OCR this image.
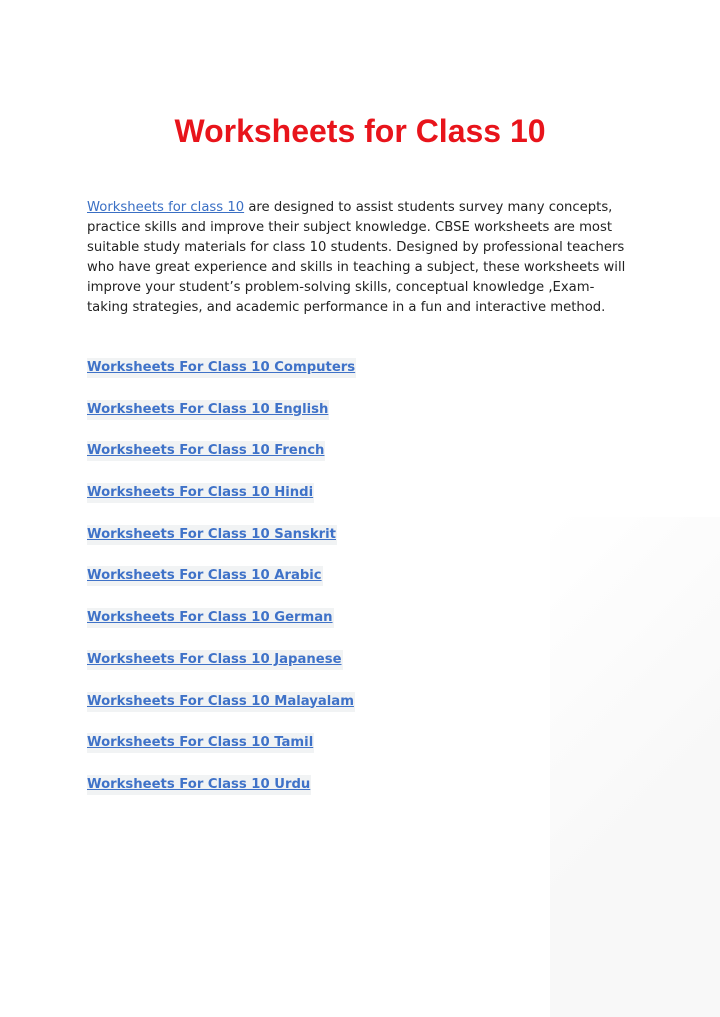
Worksheets for Class 10

Worksheets for class 10 are designed to assist students survey many concepts, practice skills and improve their subject knowledge. CBSE worksheets are most suitable study materials for class 10 students. Designed by professional teachers who have great experience and skills in teaching a subject, these worksheets will improve your student’s problem-solving skills, conceptual knowledge ,Exam-taking strategies, and academic performance in a fun and interactive method.

Worksheets For Class 10 Computers
Worksheets For Class 10 English
Worksheets For Class 10 French
Worksheets For Class 10 Hindi
Worksheets For Class 10 Sanskrit
Worksheets For Class 10 Arabic
Worksheets For Class 10 German
Worksheets For Class 10 Japanese
Worksheets For Class 10 Malayalam
Worksheets For Class 10 Tamil
Worksheets For Class 10 Urdu
